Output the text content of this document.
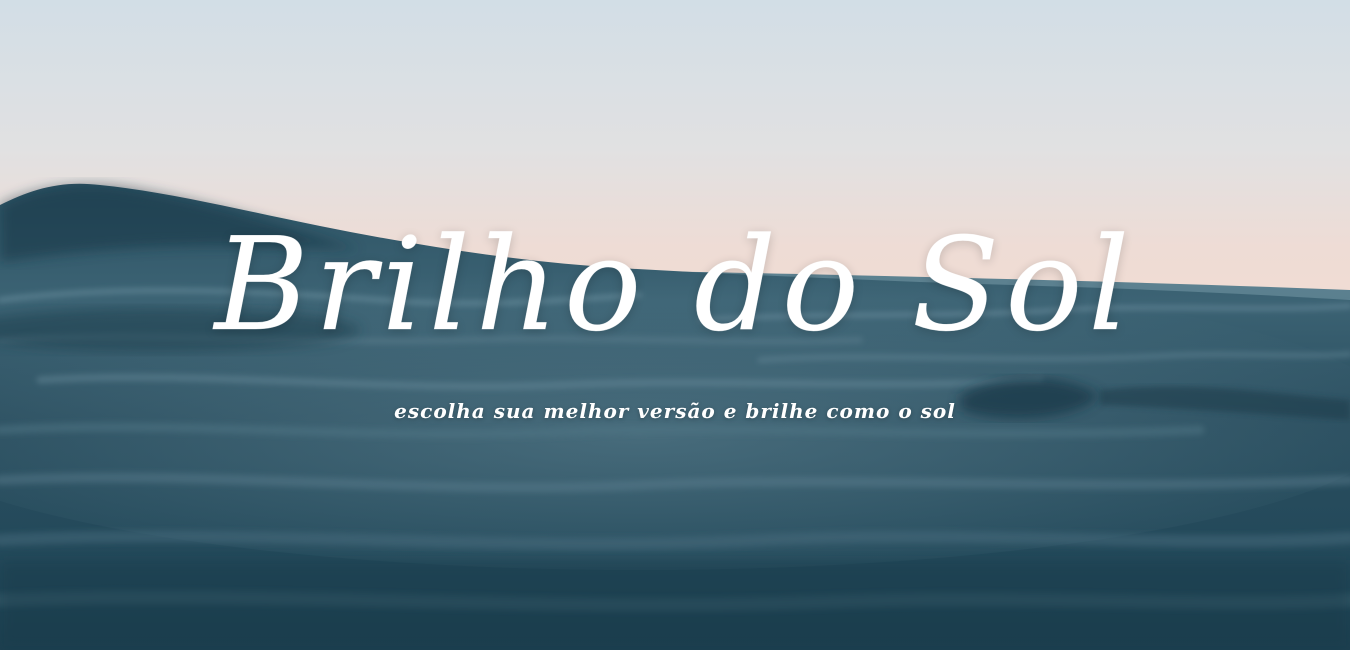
Brilho do Sol
escolha sua melhor versão e brilhe como o sol
